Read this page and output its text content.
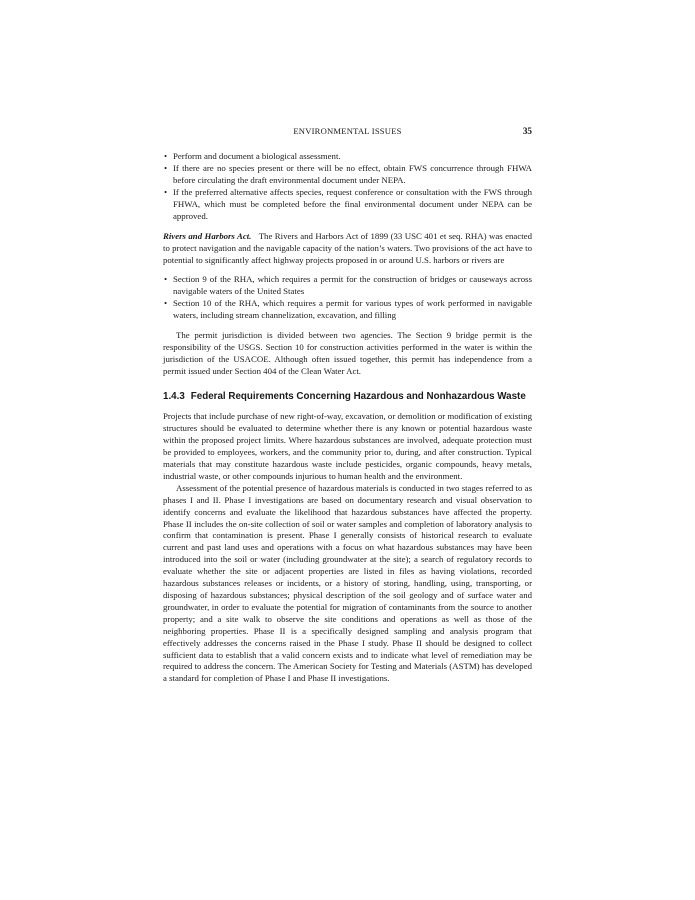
ENVIRONMENTAL ISSUES	35
• Perform and document a biological assessment.
• If there are no species present or there will be no effect, obtain FWS concurrence through FHWA before circulating the draft environmental document under NEPA.
• If the preferred alternative affects species, request conference or consultation with the FWS through FHWA, which must be completed before the final environmental document under NEPA can be approved.

Rivers and Harbors Act. The Rivers and Harbors Act of 1899 (33 USC 401 et seq. RHA) was enacted to protect navigation and the navigable capacity of the nation’s waters. Two provisions of the act have to potential to significantly affect highway projects proposed in or around U.S. harbors or rivers are

• Section 9 of the RHA, which requires a permit for the construction of bridges or causeways across navigable waters of the United States
• Section 10 of the RHA, which requires a permit for various types of work performed in navigable waters, including stream channelization, excavation, and filling

The permit jurisdiction is divided between two agencies. The Section 9 bridge permit is the responsibility of the USGS. Section 10 for construction activities performed in the water is within the jurisdiction of the USACOE. Although often issued together, this permit has independence from a permit issued under Section 404 of the Clean Water Act.

1.4.3 Federal Requirements Concerning Hazardous and Nonhazardous Waste

Projects that include purchase of new right-of-way, excavation, or demolition or modification of existing structures should be evaluated to determine whether there is any known or potential hazardous waste within the proposed project limits. Where hazardous substances are involved, adequate protection must be provided to employees, workers, and the community prior to, during, and after construction. Typical materials that may constitute hazardous waste include pesticides, organic compounds, heavy metals, industrial waste, or other compounds injurious to human health and the environment.

Assessment of the potential presence of hazardous materials is conducted in two stages referred to as phases I and II. Phase I investigations are based on documentary research and visual observation to identify concerns and evaluate the likelihood that hazardous substances have affected the property. Phase II includes the on-site collection of soil or water samples and completion of laboratory analysis to confirm that contamination is present. Phase I generally consists of historical research to evaluate current and past land uses and operations with a focus on what hazardous substances may have been introduced into the soil or water (including groundwater at the site); a search of regulatory records to evaluate whether the site or adjacent properties are listed in files as having violations, recorded hazardous substances releases or incidents, or a history of storing, handling, using, transporting, or disposing of hazardous substances; physical description of the soil geology and of surface water and groundwater, in order to evaluate the potential for migration of contaminants from the source to another property; and a site walk to observe the site conditions and operations as well as those of the neighboring properties. Phase II is a specifically designed sampling and analysis program that effectively addresses the concerns raised in the Phase I study. Phase II should be designed to collect sufficient data to establish that a valid concern exists and to indicate what level of remediation may be required to address the concern. The American Society for Testing and Materials (ASTM) has developed a standard for completion of Phase I and Phase II investigations.
